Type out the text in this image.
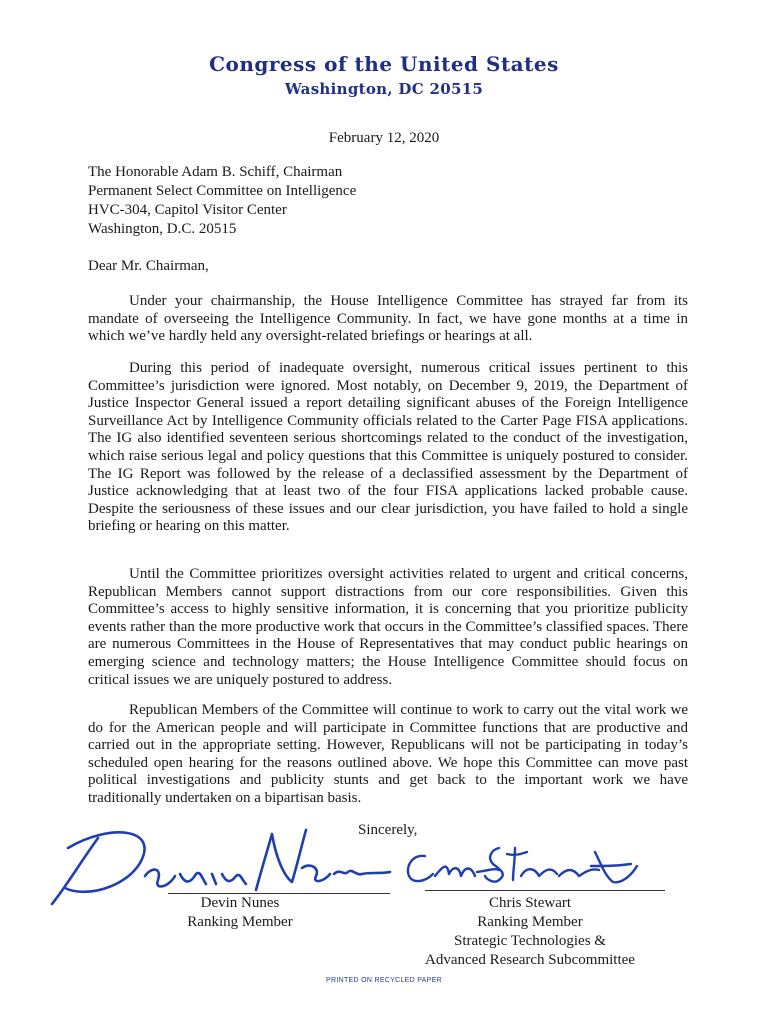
Congress of the United States
Washington, DC 20515
February 12, 2020
The Honorable Adam B. Schiff, Chairman
Permanent Select Committee on Intelligence
HVC-304, Capitol Visitor Center
Washington, D.C. 20515
Dear Mr. Chairman,

Under your chairmanship, the House Intelligence Committee has strayed far from its mandate of overseeing the Intelligence Community. In fact, we have gone months at a time in which we’ve hardly held any oversight-related briefings or hearings at all.

During this period of inadequate oversight, numerous critical issues pertinent to this Committee’s jurisdiction were ignored. Most notably, on December 9, 2019, the Department of Justice Inspector General issued a report detailing significant abuses of the Foreign Intelligence Surveillance Act by Intelligence Community officials related to the Carter Page FISA applications. The IG also identified seventeen serious shortcomings related to the conduct of the investigation, which raise serious legal and policy questions that this Committee is uniquely postured to consider. The IG Report was followed by the release of a declassified assessment by the Department of Justice acknowledging that at least two of the four FISA applications lacked probable cause. Despite the seriousness of these issues and our clear jurisdiction, you have failed to hold a single briefing or hearing on this matter.

Until the Committee prioritizes oversight activities related to urgent and critical concerns, Republican Members cannot support distractions from our core responsibilities. Given this Committee’s access to highly sensitive information, it is concerning that you prioritize publicity events rather than the more productive work that occurs in the Committee’s classified spaces. There are numerous Committees in the House of Representatives that may conduct public hearings on emerging science and technology matters; the House Intelligence Committee should focus on critical issues we are uniquely postured to address.

Republican Members of the Committee will continue to work to carry out the vital work we do for the American people and will participate in Committee functions that are productive and carried out in the appropriate setting. However, Republicans will not be participating in today’s scheduled open hearing for the reasons outlined above. We hope this Committee can move past political investigations and publicity stunts and get back to the important work we have traditionally undertaken on a bipartisan basis.

Sincerely,
Devin Nunes
Ranking Member
Chris Stewart
Ranking Member
Strategic Technologies &
Advanced Research Subcommittee
PRINTED ON RECYCLED PAPER
